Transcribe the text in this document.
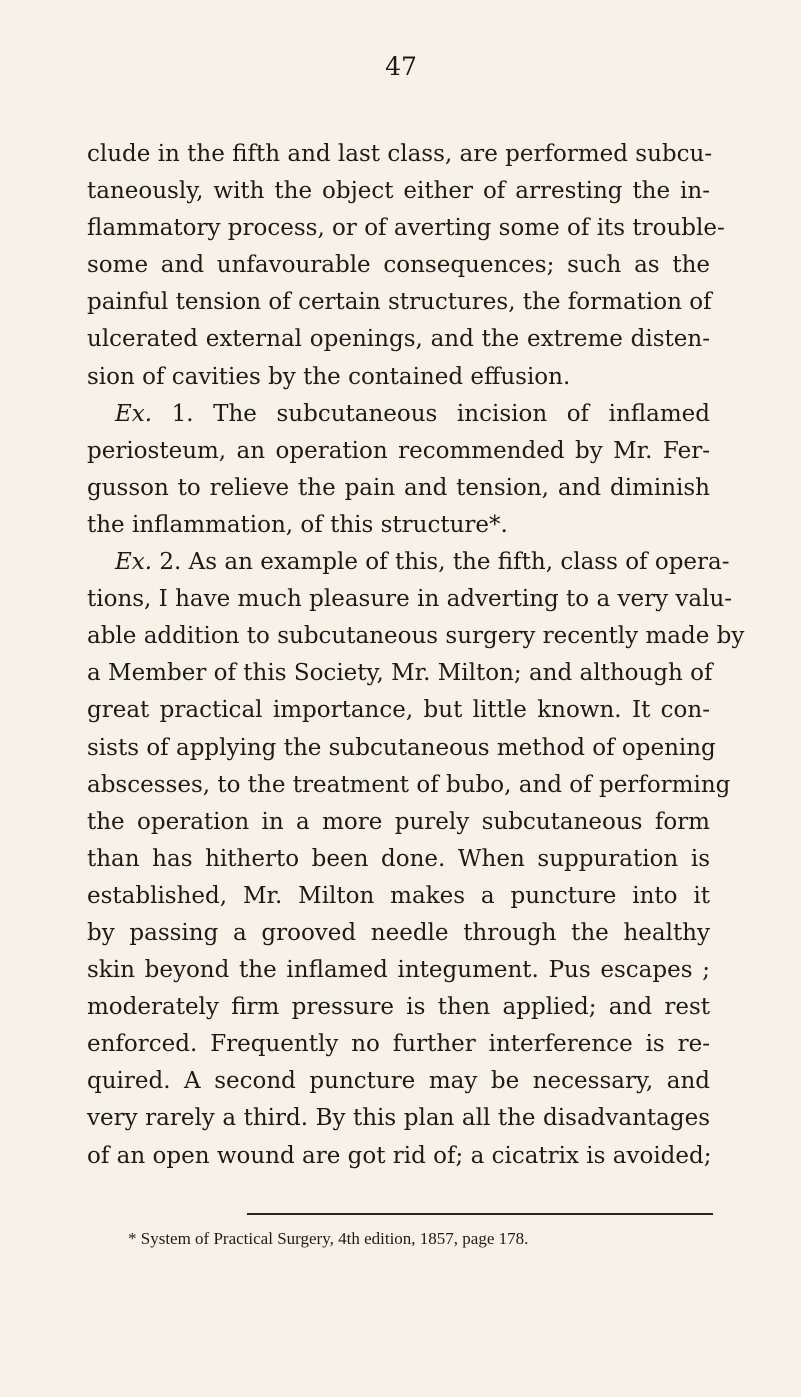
47
clude in the fifth and last class, are performed subcu-
taneously, with the object either of arresting the in-
flammatory process, or of averting some of its trouble-
some and unfavourable consequences; such as the
painful tension of certain structures, the formation of
ulcerated external openings, and the extreme disten-
sion of cavities by the contained effusion.
Ex. 1. The subcutaneous incision of inflamed
periosteum, an operation recommended by Mr. Fer-
gusson to relieve the pain and tension, and diminish
the inflammation, of this structure*.
Ex. 2. As an example of this, the fifth, class of opera-
tions, I have much pleasure in adverting to a very valu-
able addition to subcutaneous surgery recently made by
a Member of this Society, Mr. Milton; and although of
great practical importance, but little known. It con-
sists of applying the subcutaneous method of opening
abscesses, to the treatment of bubo, and of performing
the operation in a more purely subcutaneous form
than has hitherto been done. When suppuration is
established, Mr. Milton makes a puncture into it
by passing a grooved needle through the healthy
skin beyond the inflamed integument. Pus escapes ;
moderately firm pressure is then applied; and rest
enforced. Frequently no further interference is re-
quired. A second puncture may be necessary, and
very rarely a third. By this plan all the disadvantages
of an open wound are got rid of; a cicatrix is avoided;
* System of Practical Surgery, 4th edition, 1857, page 178.
